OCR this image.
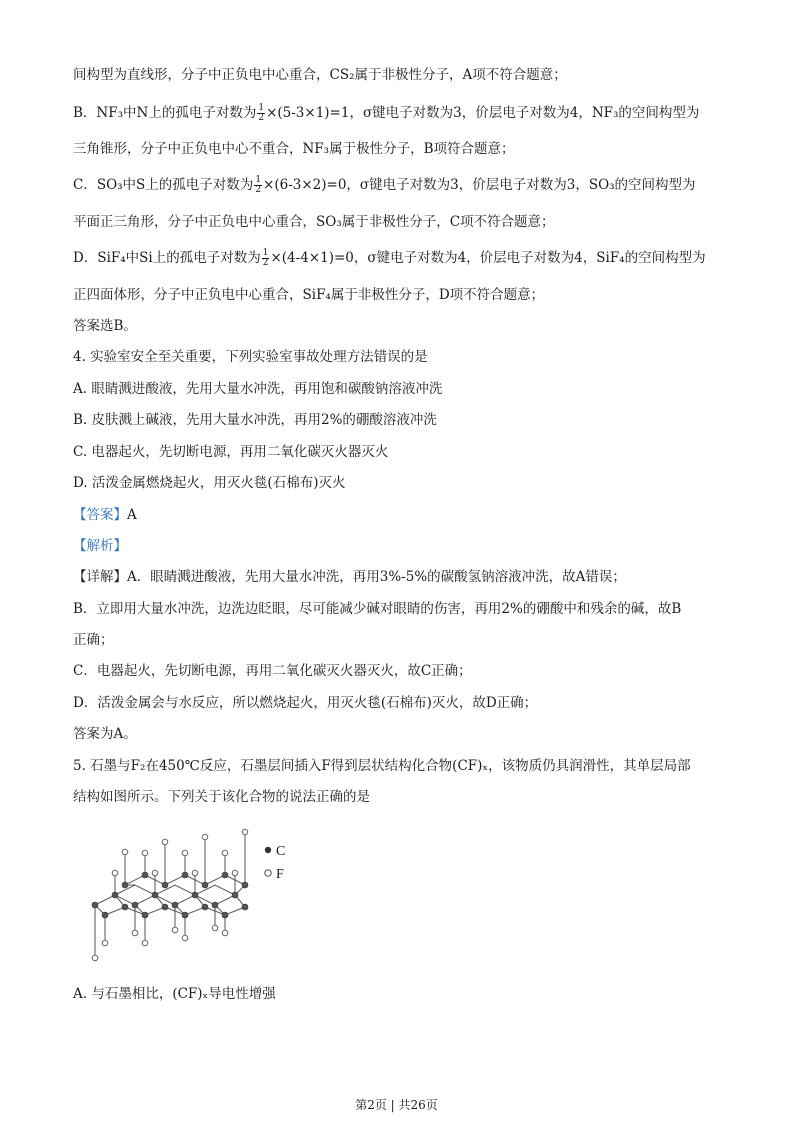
间构型为直线形，分子中正负电中心重合，CS₂属于非极性分子，A项不符合题意；
B．NF₃中N上的孤电子对数为 $\frac{1}{2} \times(5-3\times 1)=1$，σ键电子对数为3，价层电子对数为4，NF₃的空间构型为
三角锥形，分子中正负电中心不重合，NF₃属于极性分子，B项符合题意；
C．SO₃中S上的孤电子对数为 $\frac{1}{2} \times(6-3\times 2)=0$，σ键电子对数为3，价层电子对数为3，SO₃的空间构型为
平面正三角形，分子中正负电中心重合，SO₃属于非极性分子，C项不符合题意；
D．SiF₄中Si上的孤电子对数为 $\frac{1}{2} \times(4-4\times 1)=0$，σ键电子对数为4，价层电子对数为4，SiF₄的空间构型为
正四面体形，分子中正负电中心重合，SiF₄属于非极性分子，D项不符合题意；
答案选B。
4. 实验室安全至关重要，下列实验室事故处理方法错误的是
A. 眼睛溅进酸液，先用大量水冲洗，再用饱和碳酸钠溶液冲洗
B. 皮肤溅上碱液，先用大量水冲洗，再用2%的硼酸溶液冲洗
C. 电器起火，先切断电源，再用二氧化碳灭火器灭火
D. 活泼金属燃烧起火，用灭火毯(石棉布)灭火
【答案】A
【解析】
【详解】A．眼睛溅进酸液，先用大量水冲洗，再用3%-5%的碳酸氢钠溶液冲洗，故A错误；
B．立即用大量水冲洗，边洗边眨眼，尽可能减少碱对眼睛的伤害，再用2%的硼酸中和残余的碱，故B
正确；
C．电器起火，先切断电源，再用二氧化碳灭火器灭火，故C正确；
D．活泼金属会与水反应，所以燃烧起火，用灭火毯(石棉布)灭火，故D正确；
答案为A。
5. 石墨与F₂在450℃反应，石墨层间插入F得到层状结构化合物(CF)ₓ，该物质仍具润滑性，其单层局部
结构如图所示。下列关于该化合物的说法正确的是
C
F
A. 与石墨相比，(CF)ₓ导电性增强
第2页 | 共26页
